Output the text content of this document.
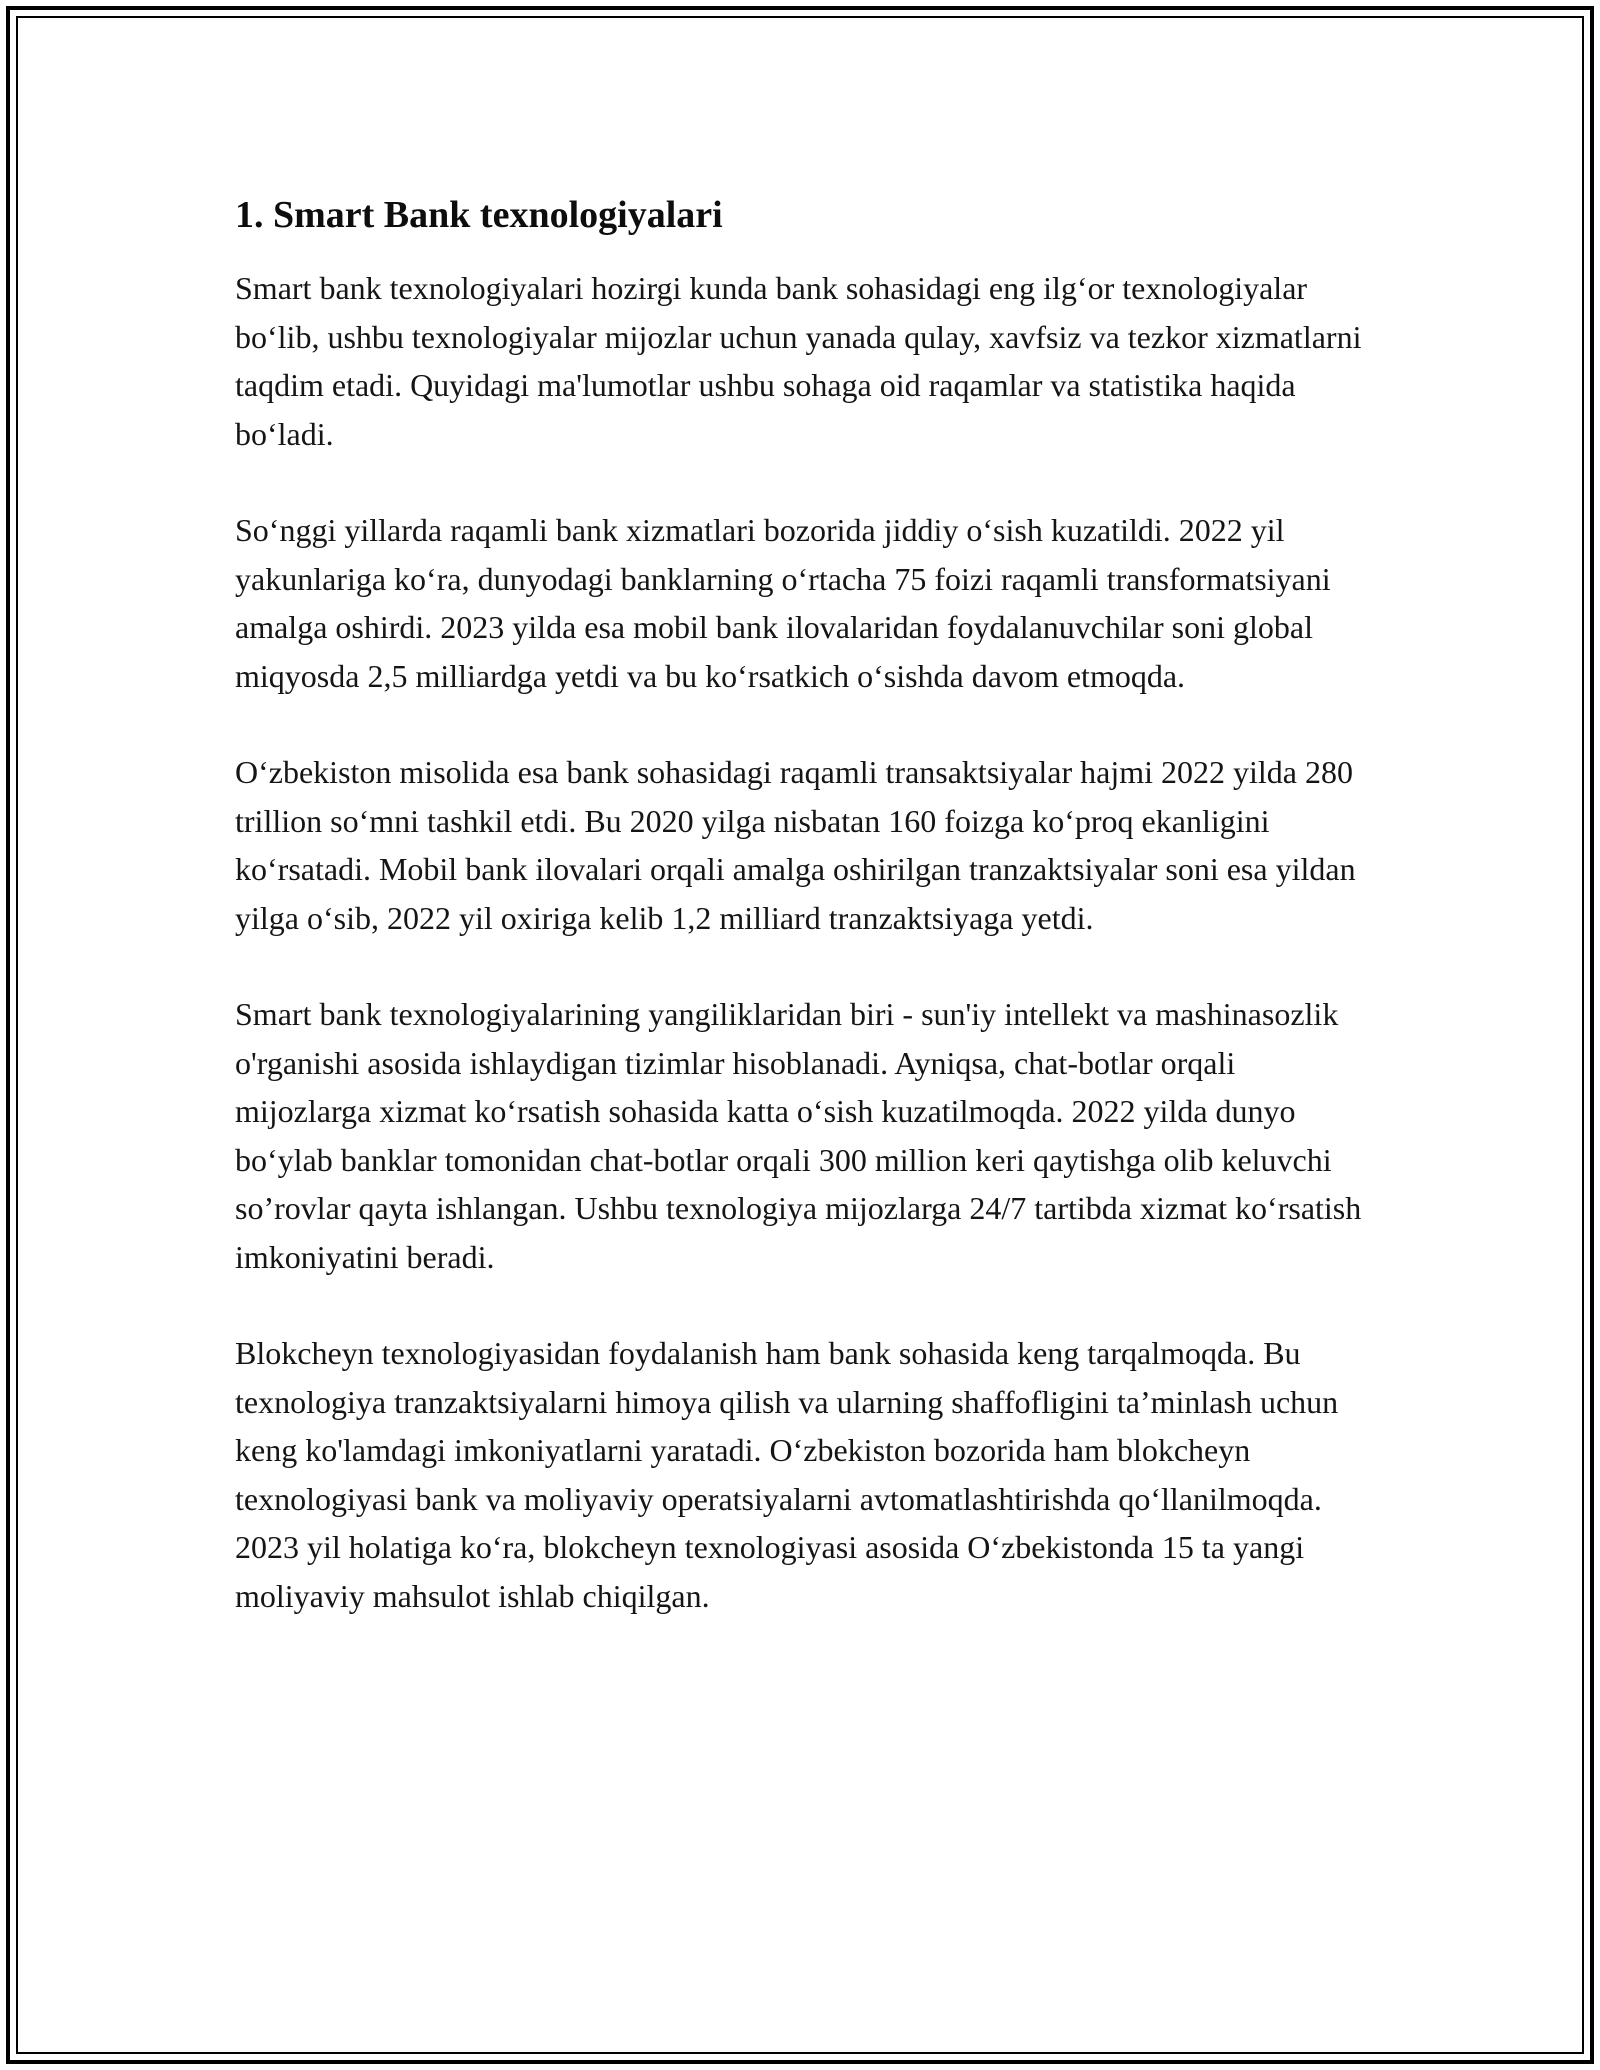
1. Smart Bank texnologiyalari

Smart bank texnologiyalari hozirgi kunda bank sohasidagi eng ilg‘or texnologiyalar bo‘lib, ushbu texnologiyalar mijozlar uchun yanada qulay, xavfsiz va tezkor xizmatlarni taqdim etadi. Quyidagi ma'lumotlar ushbu sohaga oid raqamlar va statistika haqida bo‘ladi.

So‘nggi yillarda raqamli bank xizmatlari bozorida jiddiy o‘sish kuzatildi. 2022 yil yakunlariga ko‘ra, dunyodagi banklarning o‘rtacha 75 foizi raqamli transformatsiyani amalga oshirdi. 2023 yilda esa mobil bank ilovalaridan foydalanuvchilar soni global miqyosda 2,5 milliardga yetdi va bu ko‘rsatkich o‘sishda davom etmoqda.

O‘zbekiston misolida esa bank sohasidagi raqamli transaktsiyalar hajmi 2022 yilda 280 trillion so‘mni tashkil etdi. Bu 2020 yilga nisbatan 160 foizga ko‘proq ekanligini ko‘rsatadi. Mobil bank ilovalari orqali amalga oshirilgan tranzaktsiyalar soni esa yildan yilga o‘sib, 2022 yil oxiriga kelib 1,2 milliard tranzaktsiyaga yetdi.

Smart bank texnologiyalarining yangiliklaridan biri - sun'iy intellekt va mashinasozlik o'rganishi asosida ishlaydigan tizimlar hisoblanadi. Ayniqsa, chat-botlar orqali mijozlarga xizmat ko‘rsatish sohasida katta o‘sish kuzatilmoqda. 2022 yilda dunyo bo‘ylab banklar tomonidan chat-botlar orqali 300 million keri qaytishga olib keluvchi so’rovlar qayta ishlangan. Ushbu texnologiya mijozlarga 24/7 tartibda xizmat ko‘rsatish imkoniyatini beradi.

Blokcheyn texnologiyasidan foydalanish ham bank sohasida keng tarqalmoqda. Bu texnologiya tranzaktsiyalarni himoya qilish va ularning shaffofligini ta’minlash uchun keng ko'lamdagi imkoniyatlarni yaratadi. O‘zbekiston bozorida ham blokcheyn texnologiyasi bank va moliyaviy operatsiyalarni avtomatlashtirishda qo‘llanilmoqda. 2023 yil holatiga ko‘ra, blokcheyn texnologiyasi asosida O‘zbekistonda 15 ta yangi moliyaviy mahsulot ishlab chiqilgan.
